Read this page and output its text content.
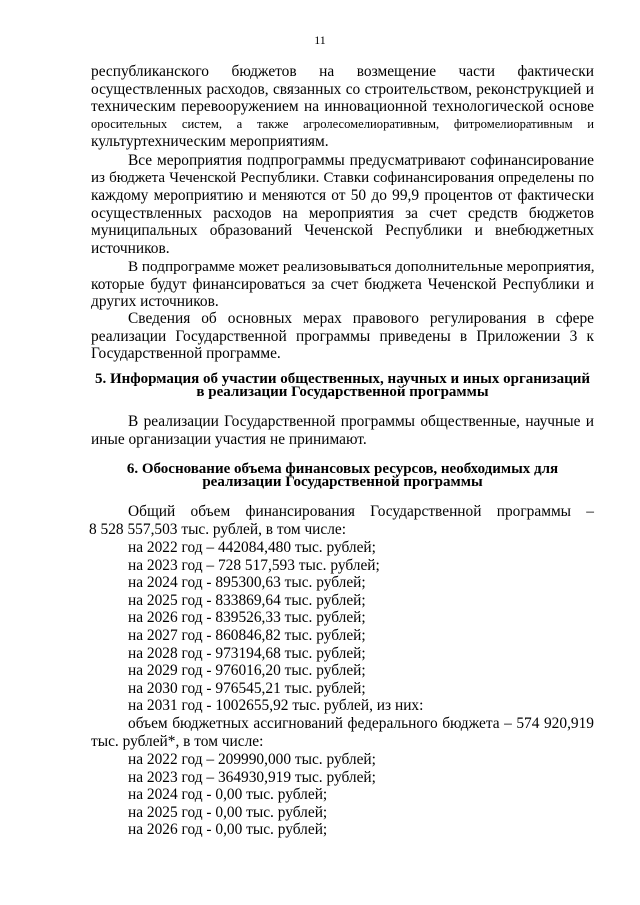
11

республиканского бюджетов на возмещение части фактически

осуществленных расходов, связанных со строительством, реконструкцией и

техническим перевооружением на инновационной технологической основе

оросительных систем, а также агролесомелиоративным, фитромелиоративным и

культуртехническим мероприятиям.

Все мероприятия подпрограммы предусматривают софинансирование

из бюджета Чеченской Республики. Ставки софинансирования определены по

каждому мероприятию и меняются от 50 до 99,9 процентов от фактически

осуществленных расходов на мероприятия за счет средств бюджетов

муниципальных образований Чеченской Республики и внебюджетных

источников.

В подпрограмме может реализовываться дополнительные мероприятия,

которые будут финансироваться за счет бюджета Чеченской Республики и

других источников.

Сведения об основных мерах правового регулирования в сфере

реализации Государственной программы приведены в Приложении 3 к

Государственной программе.

5. Информация об участии общественных, научных и иных организаций
в реализации Государственной программы

В реализации Государственной программы общественные, научные и

иные организации участия не принимают.

6. Обоснование объема финансовых ресурсов, необходимых для
реализации Государственной программы

Общий объем финансирования Государственной программы –

8 528 557,503 тыс. рублей, в том числе:

на 2022 год – 442084,480 тыс. рублей;

на 2023 год – 728 517,593 тыс. рублей;

на 2024 год - 895300,63 тыс. рублей;

на 2025 год - 833869,64 тыс. рублей;

на 2026 год - 839526,33 тыс. рублей;

на 2027 год - 860846,82 тыс. рублей;

на 2028 год - 973194,68 тыс. рублей;

на 2029 год - 976016,20 тыс. рублей;

на 2030 год - 976545,21 тыс. рублей;

на 2031 год - 1002655,92 тыс. рублей, из них:

объем бюджетных ассигнований федерального бюджета – 574 920,919

тыс. рублей*, в том числе:

на 2022 год – 209990,000 тыс. рублей;

на 2023 год – 364930,919 тыс. рублей;

на 2024 год - 0,00 тыс. рублей;

на 2025 год - 0,00 тыс. рублей;

на 2026 год - 0,00 тыс. рублей;
